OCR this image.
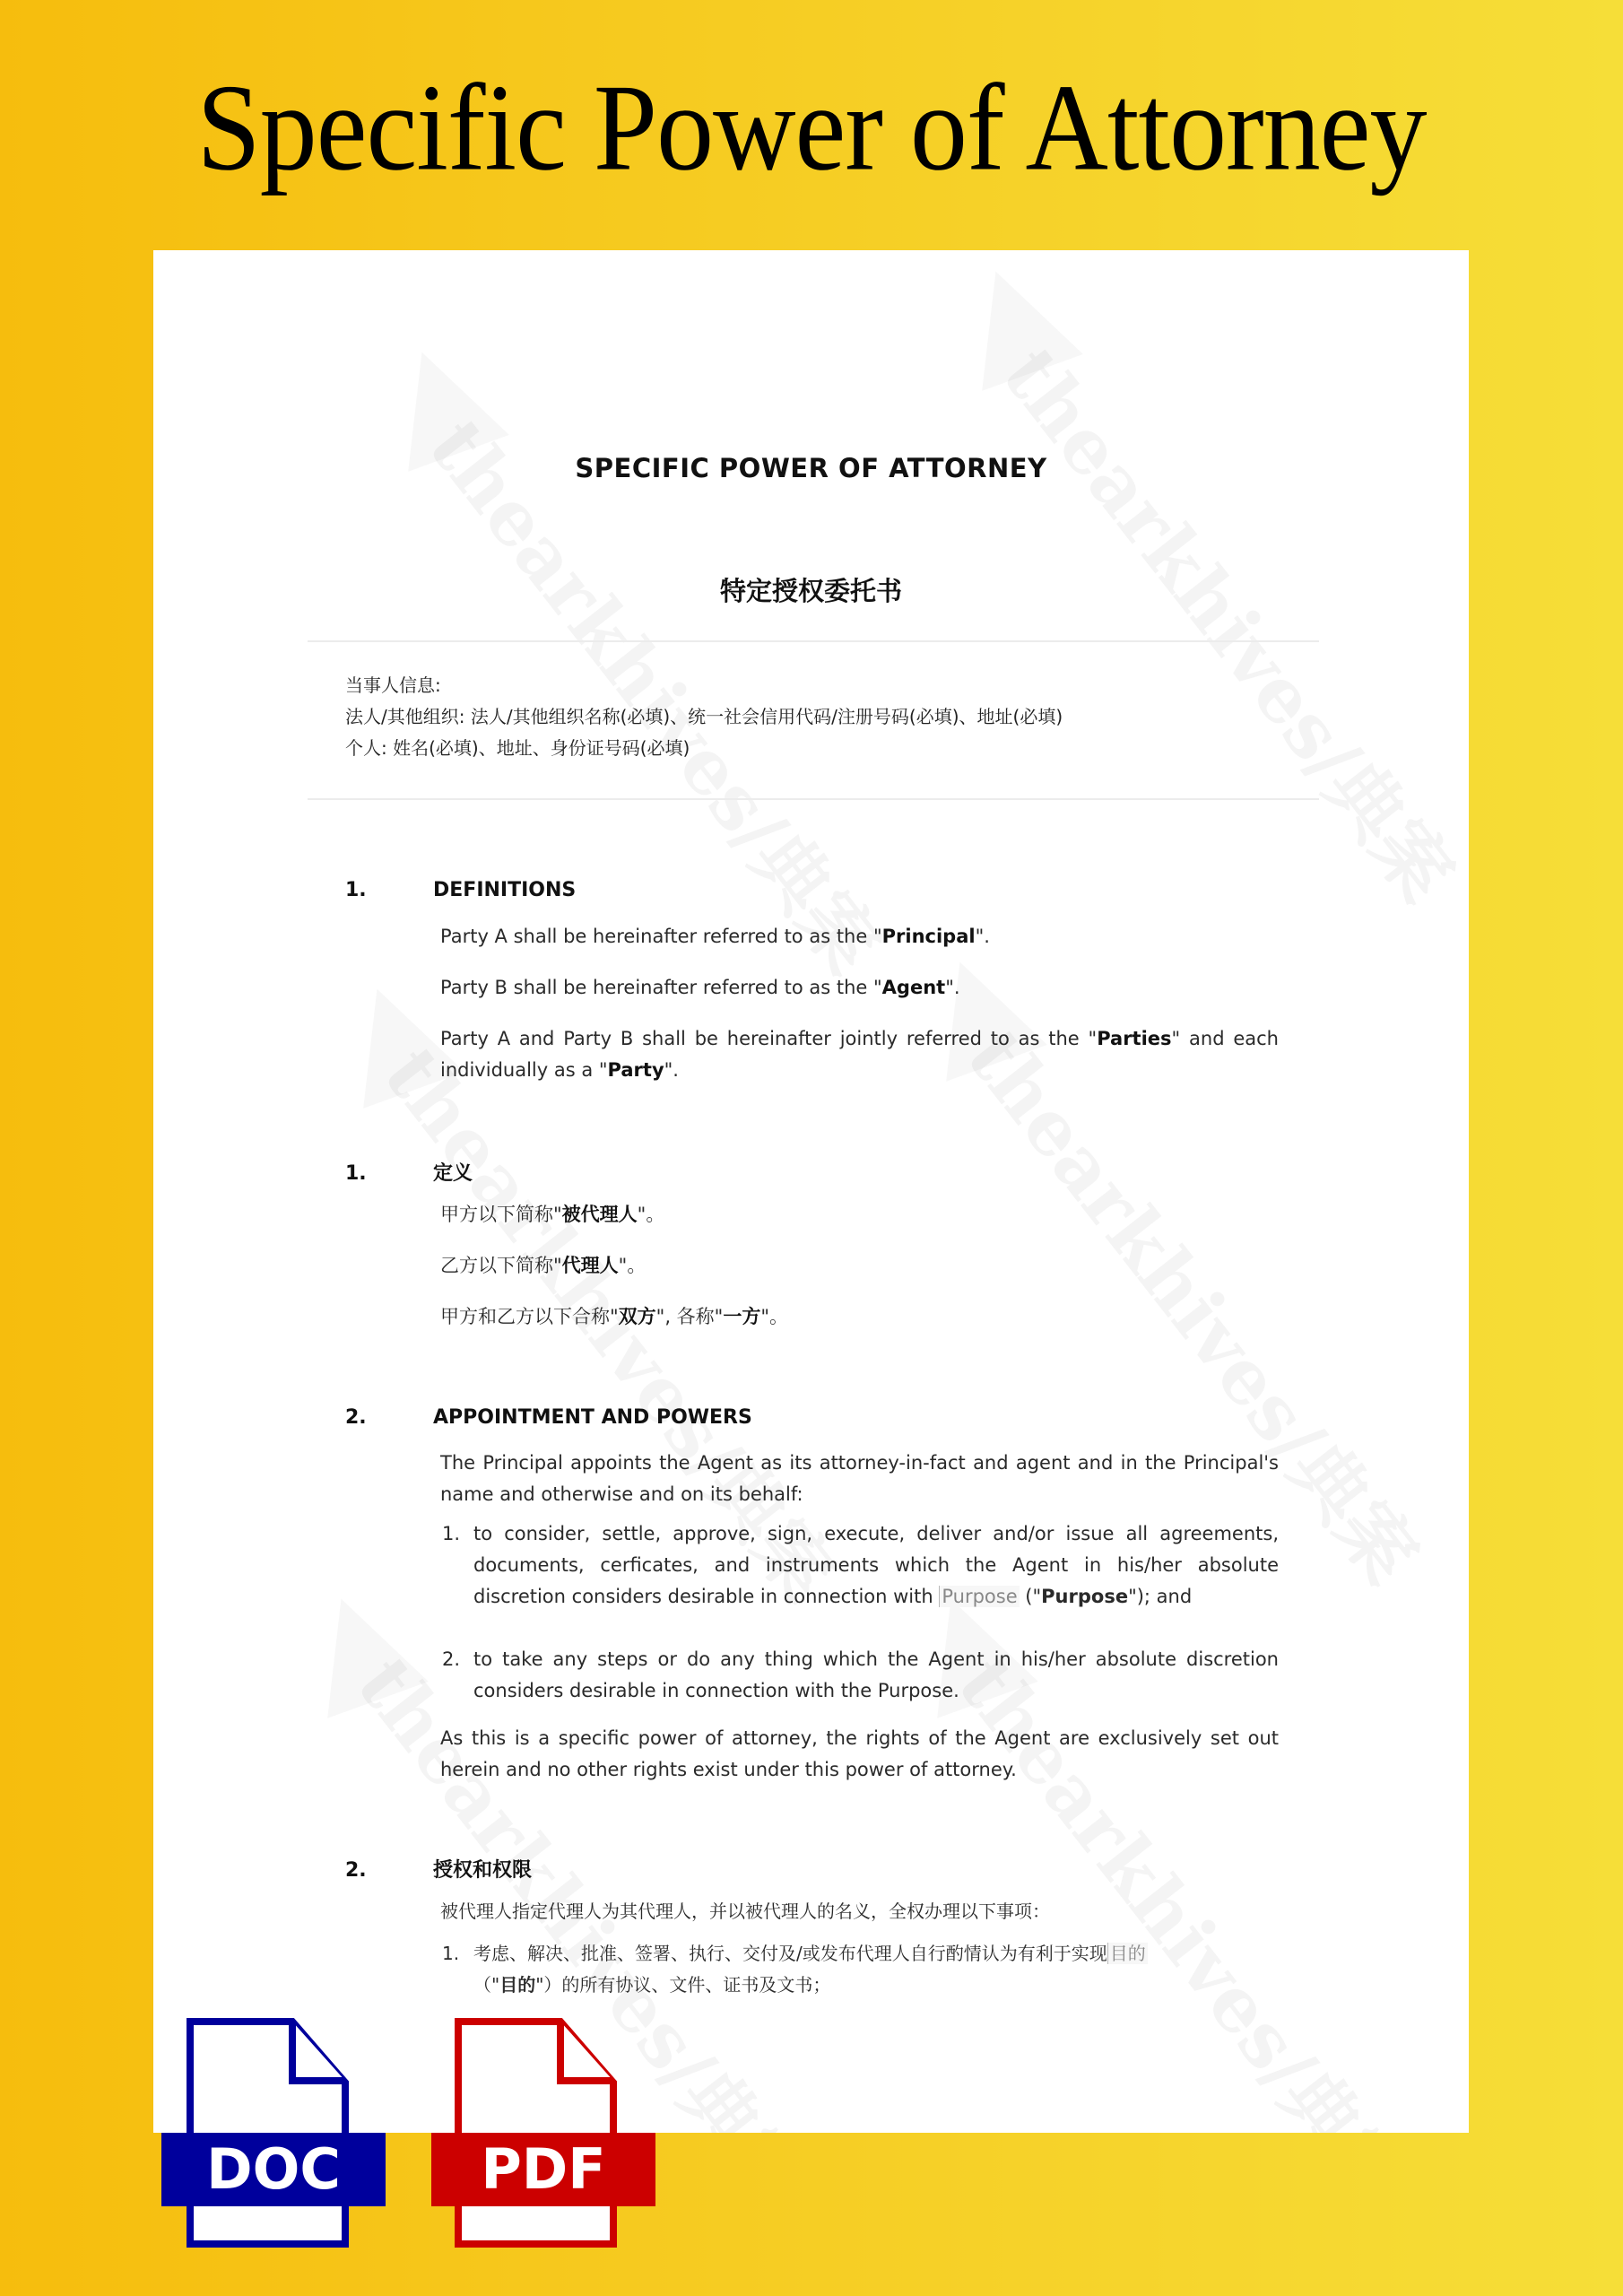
Specific Power of Attorney
SPECIFIC POWER OF ATTORNEY
特定授权委托书
当事人信息:
法人/其他组织: 法人/其他组织名称(必填)、统一社会信用代码/注册号码(必填)、地址(必填)
个人: 姓名(必填)、地址、身份证号码(必填)
1.	DEFINITIONS
Party A shall be hereinafter referred to as the "Principal".
Party B shall be hereinafter referred to as the "Agent".
Party A and Party B shall be hereinafter jointly referred to as the "Parties" and each individually as a "Party".
1.	定义
甲方以下简称"被代理人"。
乙方以下简称"代理人"。
甲方和乙方以下合称"双方", 各称"一方"。
2.	APPOINTMENT AND POWERS
The Principal appoints the Agent as its attorney-in-fact and agent and in the Principal's name and otherwise and on its behalf:
1. to consider, settle, approve, sign, execute, deliver and/or issue all agreements, documents, cerficates, and instruments which the Agent in his/her absolute discretion considers desirable in connection with Purpose ("Purpose"); and
2. to take any steps or do any thing which the Agent in his/her absolute discretion considers desirable in connection with the Purpose.
As this is a specific power of attorney, the rights of the Agent are exclusively set out herein and no other rights exist under this power of attorney.
2.	授权和权限
被代理人指定代理人为其代理人，并以被代理人的名义，全权办理以下事项：
1. 考虑、解决、批准、签署、执行、交付及/或发布代理人自行酌情认为有利于实现 目的
（"目的"）的所有协议、文件、证书及文书；
DOC	PDF
